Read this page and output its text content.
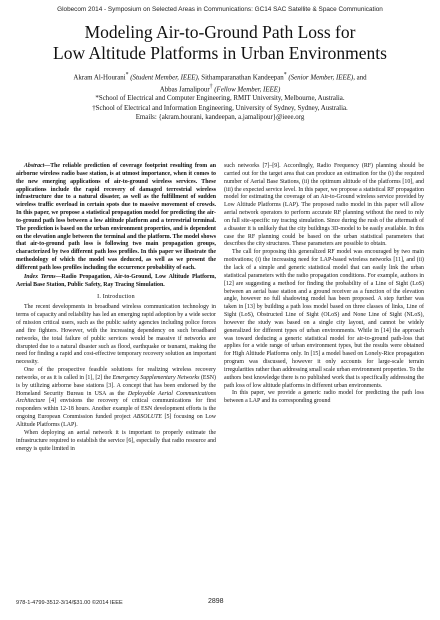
Globecom 2014 - Symposium on Selected Areas in Communications: GC14 SAC Satellite & Space Communication
Modeling Air-to-Ground Path Loss for
Low Altitude Platforms in Urban Environments
Akram Al-Hourani* (Student Member, IEEE), Sithamparanathan Kandeepan* (Senior Member, IEEE), and
Abbas Jamalipour† (Fellow Member, IEEE)
*School of Electrical and Computer Engineering, RMIT University, Melbourne, Australia.
†School of Electrical and Information Engineering, University of Sydney, Sydney, Australia.
Emails: {akram.hourani, kandeepan, a.jamalipour}@ieee.org

Abstract—The reliable prediction of coverage footprint resulting from an airborne wireless radio base station, is at utmost importance, when it comes to the new emerging applications of air-to-ground wireless services. These applications include the rapid recovery of damaged terrestrial wireless infrastructure due to a natural disaster, as well as the fulfillment of sudden wireless traffic overload in certain spots due to massive movement of crowds. In this paper, we propose a statistical propagation model for predicting the air-to-ground path loss between a low altitude platform and a terrestrial terminal. The prediction is based on the urban environment properties, and is dependent on the elevation angle between the terminal and the platform. The model shows that air-to-ground path loss is following two main propagation groups, characterized by two different path loss profiles. In this paper we illustrate the methodology of which the model was deduced, as well as we present the different path loss profiles including the occurrence probability of each.

Index Terms—Radio Propagation, Air-to-Ground, Low Altitude Platform, Aerial Base Station, Public Safety, Ray Tracing Simulation.

I. Introduction

The recent developments in broadband wireless communication technology in terms of capacity and reliability has led an emerging rapid adoption by a wide sector of mission critical users, such as the public safety agencies including police forces and fire fighters. However, with the increasing dependency on such broadband networks, the total failure of public services would be massive if networks are disrupted due to a natural disaster such as flood, earthquake or tsunami, making the need for finding a rapid and cost-effective temporary recovery solution an important necessity.

One of the prospective feasible solutions for realizing wireless recovery networks, or as it is called in [1], [2] the Emergency Supplementary Networks (ESN) is by utilizing airborne base stations [3]. A concept that has been endorsed by the Homeland Security Bureau in USA as the Deployable Aerial Communications Architecture [4] envisions the recovery of critical communications for first responders within 12-18 hours. Another example of ESN development efforts is the ongoing European Commission funded project ABSOLUTE [5] focusing on Low Altitude Platforms (LAP).

When deploying an aerial network it is important to properly estimate the infrastructure required to establish the service [6], especially that radio resource and energy is quite limited in

such networks [7]–[9]. Accordingly, Radio Frequency (RF) planning should be carried out for the target area that can produce an estimation for the (i) the required number of Aerial Base Stations, (ii) the optimum altitude of the platforms [10], and (iii) the expected service level. In this paper, we propose a statistical RF propagation model for estimating the coverage of an Air-to-Ground wireless service provided by Low Altitude Platforms (LAP). The proposed radio model in this paper will allow aerial network operators to perform accurate RF planning without the need to rely on full site-specific ray tracing simulation. Since during the rush of the aftermath of a disaster it is unlikely that the city buildings 3D-model to be easily available. In this case the RF planning could be based on the urban statistical parameters that describes the city structures. These parameters are possible to obtain.

The call for proposing this generalized RF model was encouraged by two main motivations; (i) the increasing need for LAP-based wireless networks [11], and (ii) the lack of a simple and generic statistical model that can easily link the urban statistical parameters with the radio propagation conditions. For example, authors in [12] are suggesting a method for finding the probability of a Line of Sight (LoS) between an aerial base station and a ground receiver as a function of the elevation angle, however no full shadowing model has been proposed. A step further was taken in [13] by building a path loss model based on three classes of links, Line of Sight (LoS), Obstructed Line of Sight (OLoS) and None Line of Sight (NLoS), however the study was based on a single city layout, and cannot be widely generalized for different types of urban environments. While in [14] the approach was toward deducing a generic statistical model for air-to-ground path-loss that applies for a wide range of urban environment types, but the results were obtained for High Altitude Platforms only. In [15] a model based on Lonely-Rice propagation program was discussed, however it only accounts for large-scale terrain irregularities rather than addressing small scale urban environment properties. To the authors best knowledge there is no published work that is specifically addressing the path loss of low altitude platforms in different urban environments.

In this paper, we provide a generic radio model for predicting the path loss between a LAP and its corresponding ground

978-1-4799-3512-3/14/$31.00 ©2014 IEEE	2898
